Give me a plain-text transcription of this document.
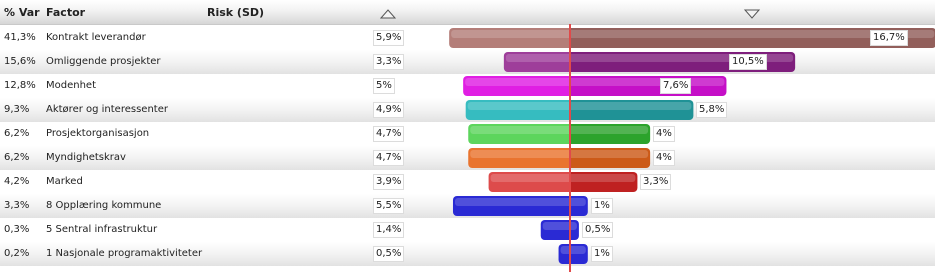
% Var Factor	Risk (SD)
41,3% Kontrakt leverandør	5,9%	16,7%
15,6% Omliggende prosjekter	3,3%	10,5%
12,8% Modenhet	5%	7,6%
9,3% Aktører og interessenter	4,9%	5,8%
6,2% Prosjektorganisasjon	4,7%	4%
6,2% Myndighetskrav	4,7%	4%
4,2% Marked	3,9%	3,3%
3,3% 8 Opplæring kommune	5,5%	1%
0,3% 5 Sentral infrastruktur	1,4%	0,5%
0,2% 1 Nasjonale programaktiviteter	0,5%	1%
